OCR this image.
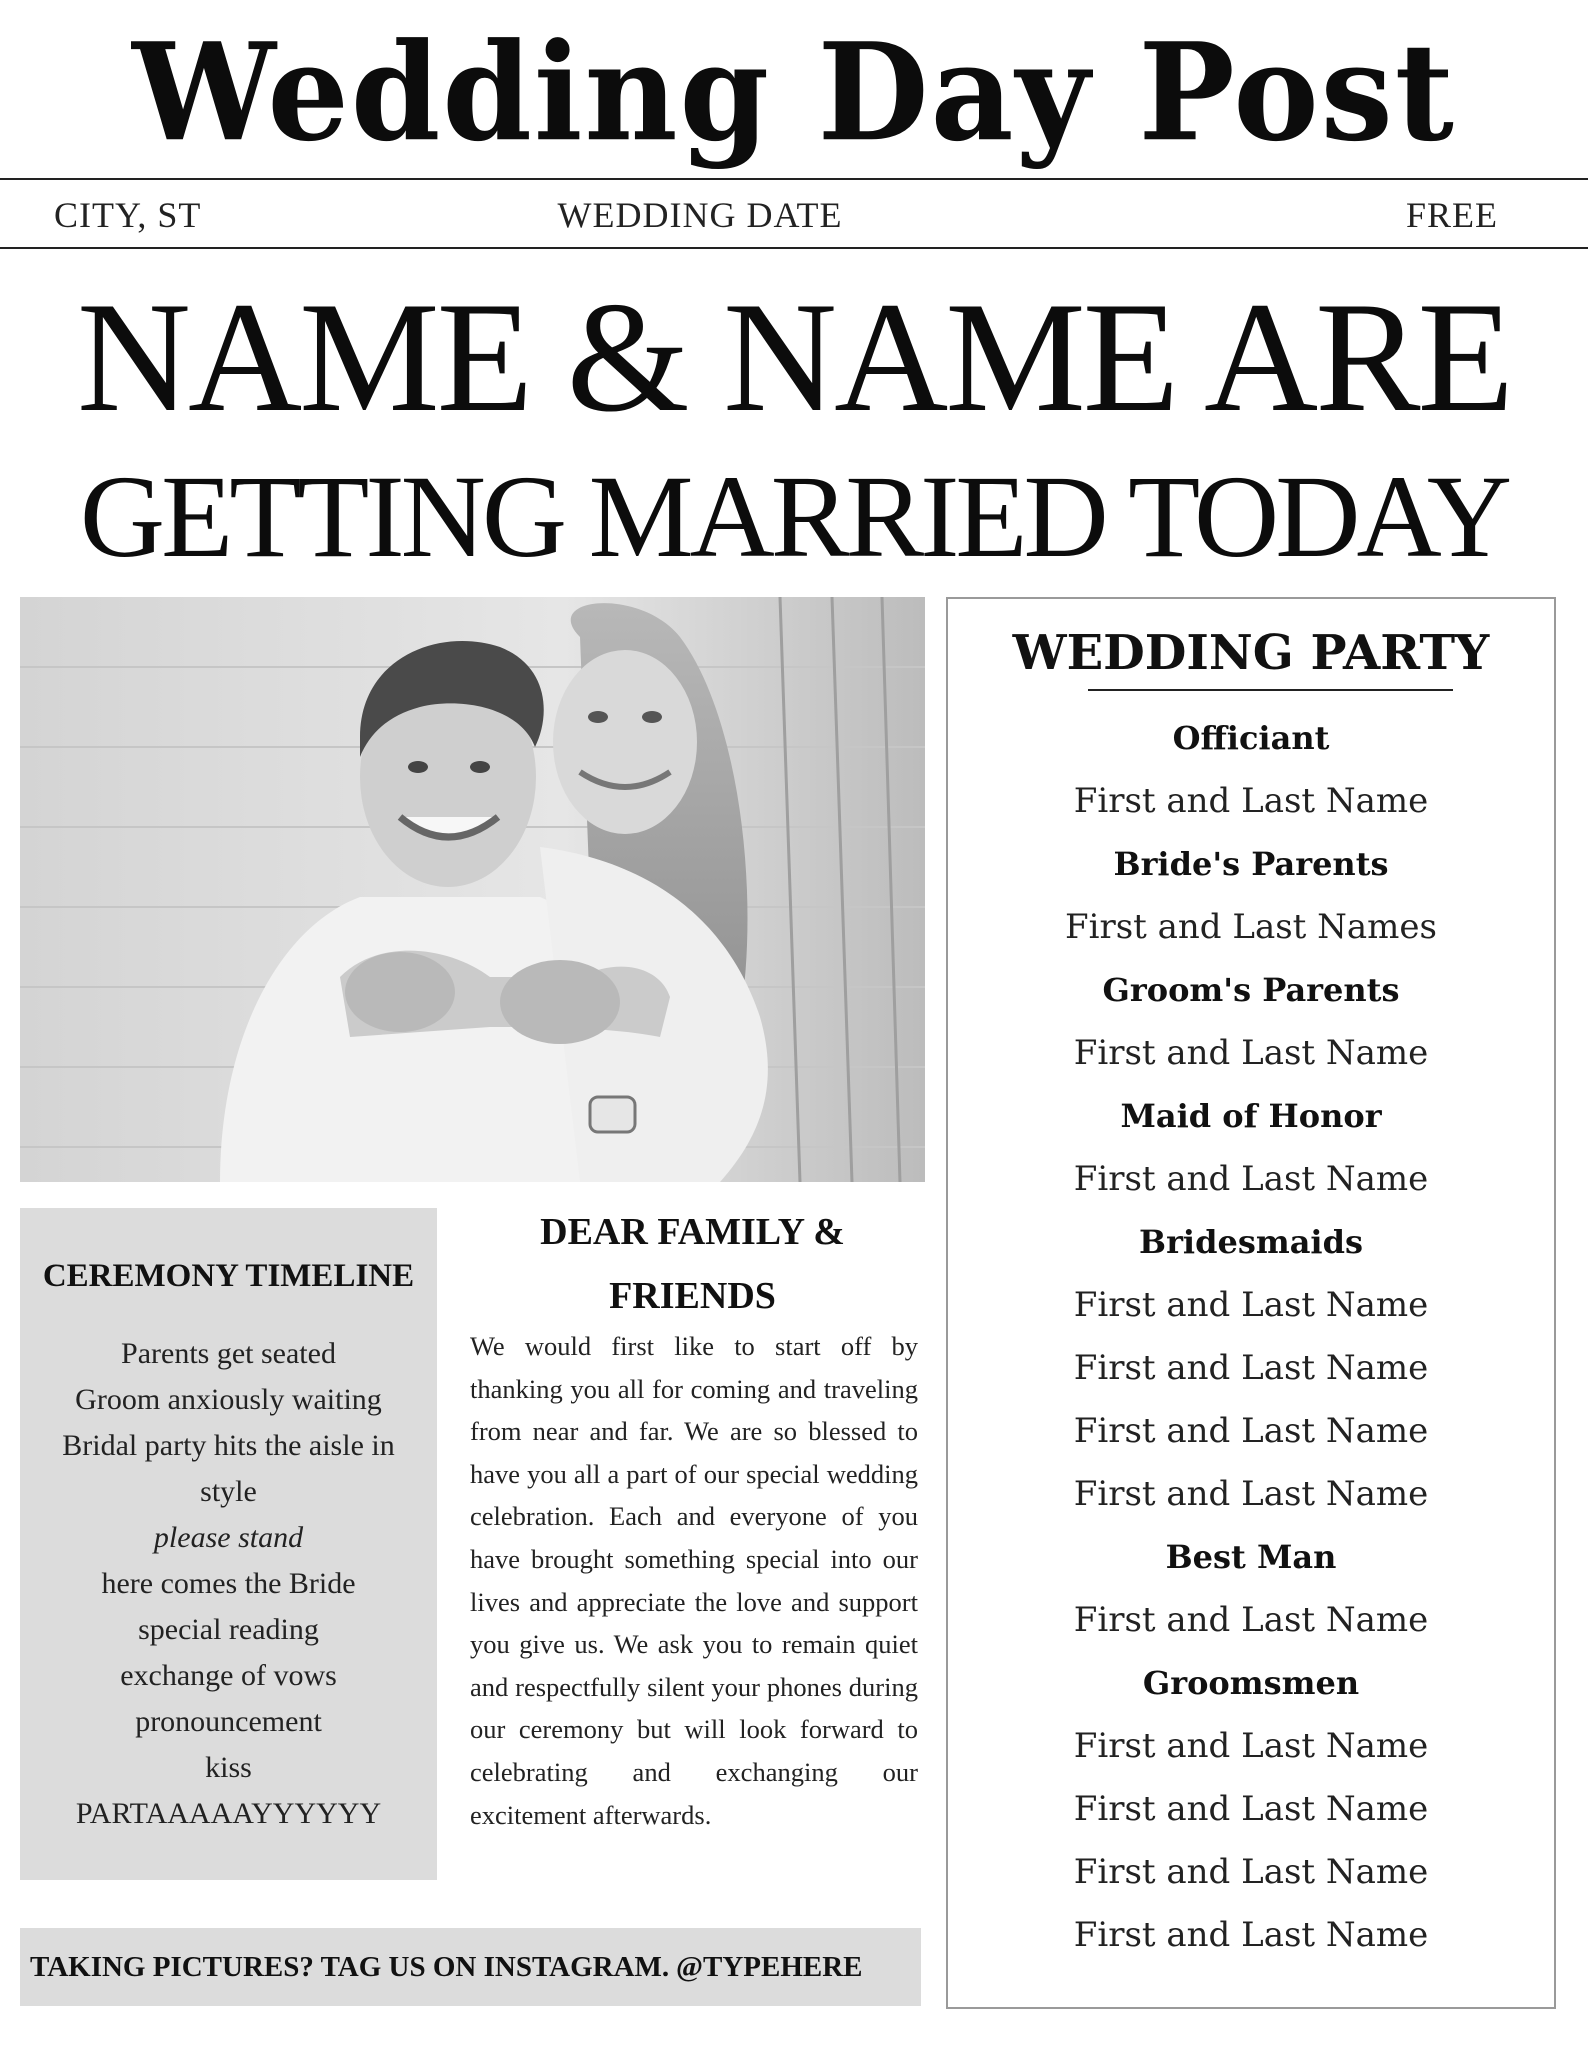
Wedding Day Post
CITY, ST	WEDDING DATE	FREE
NAME & NAME ARE
GETTING MARRIED TODAY
WEDDING PARTY
Officiant
First and Last Name
Bride's Parents
First and Last Names
Groom's Parents
First and Last Name
Maid of Honor
First and Last Name
Bridesmaids
First and Last Name
First and Last Name
First and Last Name
First and Last Name
Best Man
First and Last Name
Groomsmen
First and Last Name
First and Last Name
First and Last Name
First and Last Name
CEREMONY TIMELINE
Parents get seated
Groom anxiously waiting
Bridal party hits the aisle in style
please stand
here comes the Bride
special reading
exchange of vows
pronouncement
kiss
PARTAAAAAYYYYYY
DEAR FAMILY & FRIENDS
We would first like to start off by thanking you all for coming and traveling from near and far. We are so blessed to have you all a part of our special wedding celebration. Each and everyone of you have brought something special into our lives and appreciate the love and support you give us. We ask you to remain quiet and respectfully silent your phones during our ceremony but will look forward to celebrating and exchanging our excitement afterwards.
TAKING PICTURES? TAG US ON INSTAGRAM. @TYPEHERE
